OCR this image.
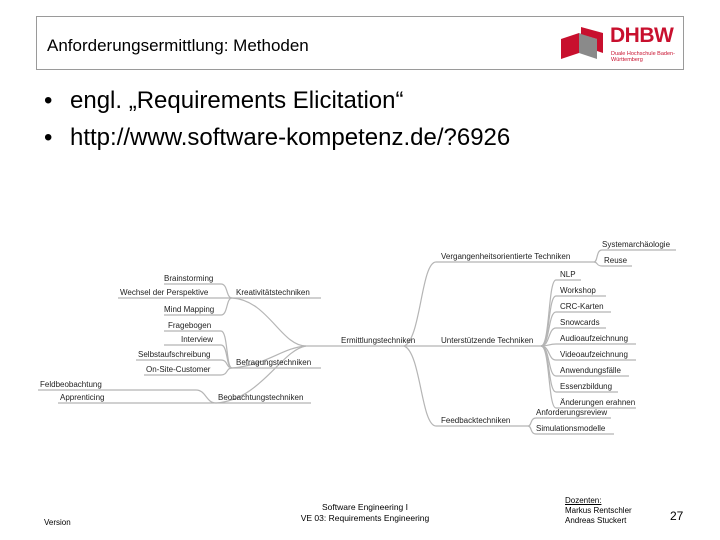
Anforderungsermittlung: Methoden	DHBW
Duale Hochschule Baden-Württemberg
• engl. „Requirements Elicitation“
• http://www.software-kompetenz.de/?6926
Ermittlungstechniken
Kreativitätstechniken
Brainstorming
Wechsel der Perspektive
Mind Mapping
Befragungstechniken
Fragebogen
Interview
Selbstaufschreibung
On-Site-Customer
Beobachtungstechniken
Feldbeobachtung
Apprenticing
Vergangenheitsorientierte Techniken
Systemarchäologie
Reuse
Unterstützende Techniken
NLP
Workshop
CRC-Karten
Snowcards
Audioaufzeichnung
Videoaufzeichnung
Anwendungsfälle
Essenzbildung
Änderungen erahnen
Feedbacktechniken
Anforderungsreview
Simulationsmodelle
Version
Software Engineering I
VE 03: Requirements Engineering
Dozenten:
Markus Rentschler
Andreas Stuckert	27
